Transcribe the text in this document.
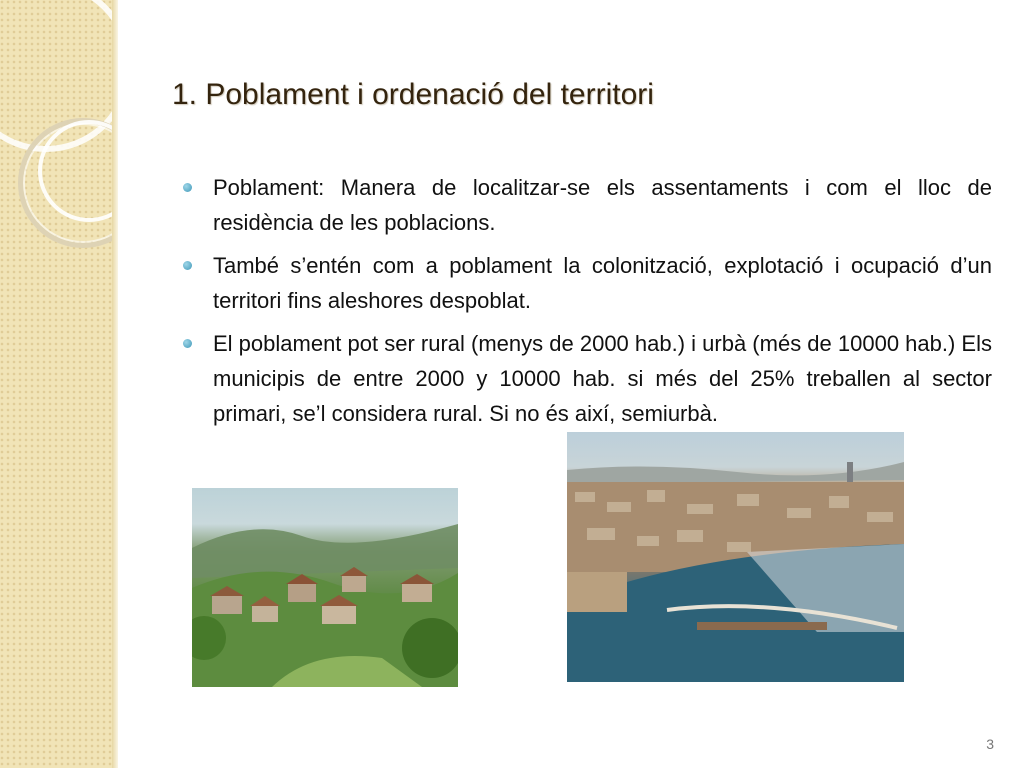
1. Poblament i ordenació del territori
Poblament: Manera de localitzar-se els assentaments i com el lloc de residència de les poblacions.
També s’entén com a poblament la colonització, explotació i ocupació d’un territori fins aleshores despoblat.
El poblament pot ser rural (menys de 2000 hab.) i urbà (més de 10000 hab.) Els municipis de entre 2000 y 10000 hab. si més del 25% treballen al sector primari, se’l considera rural. Si no és així, semiurbà.
3
